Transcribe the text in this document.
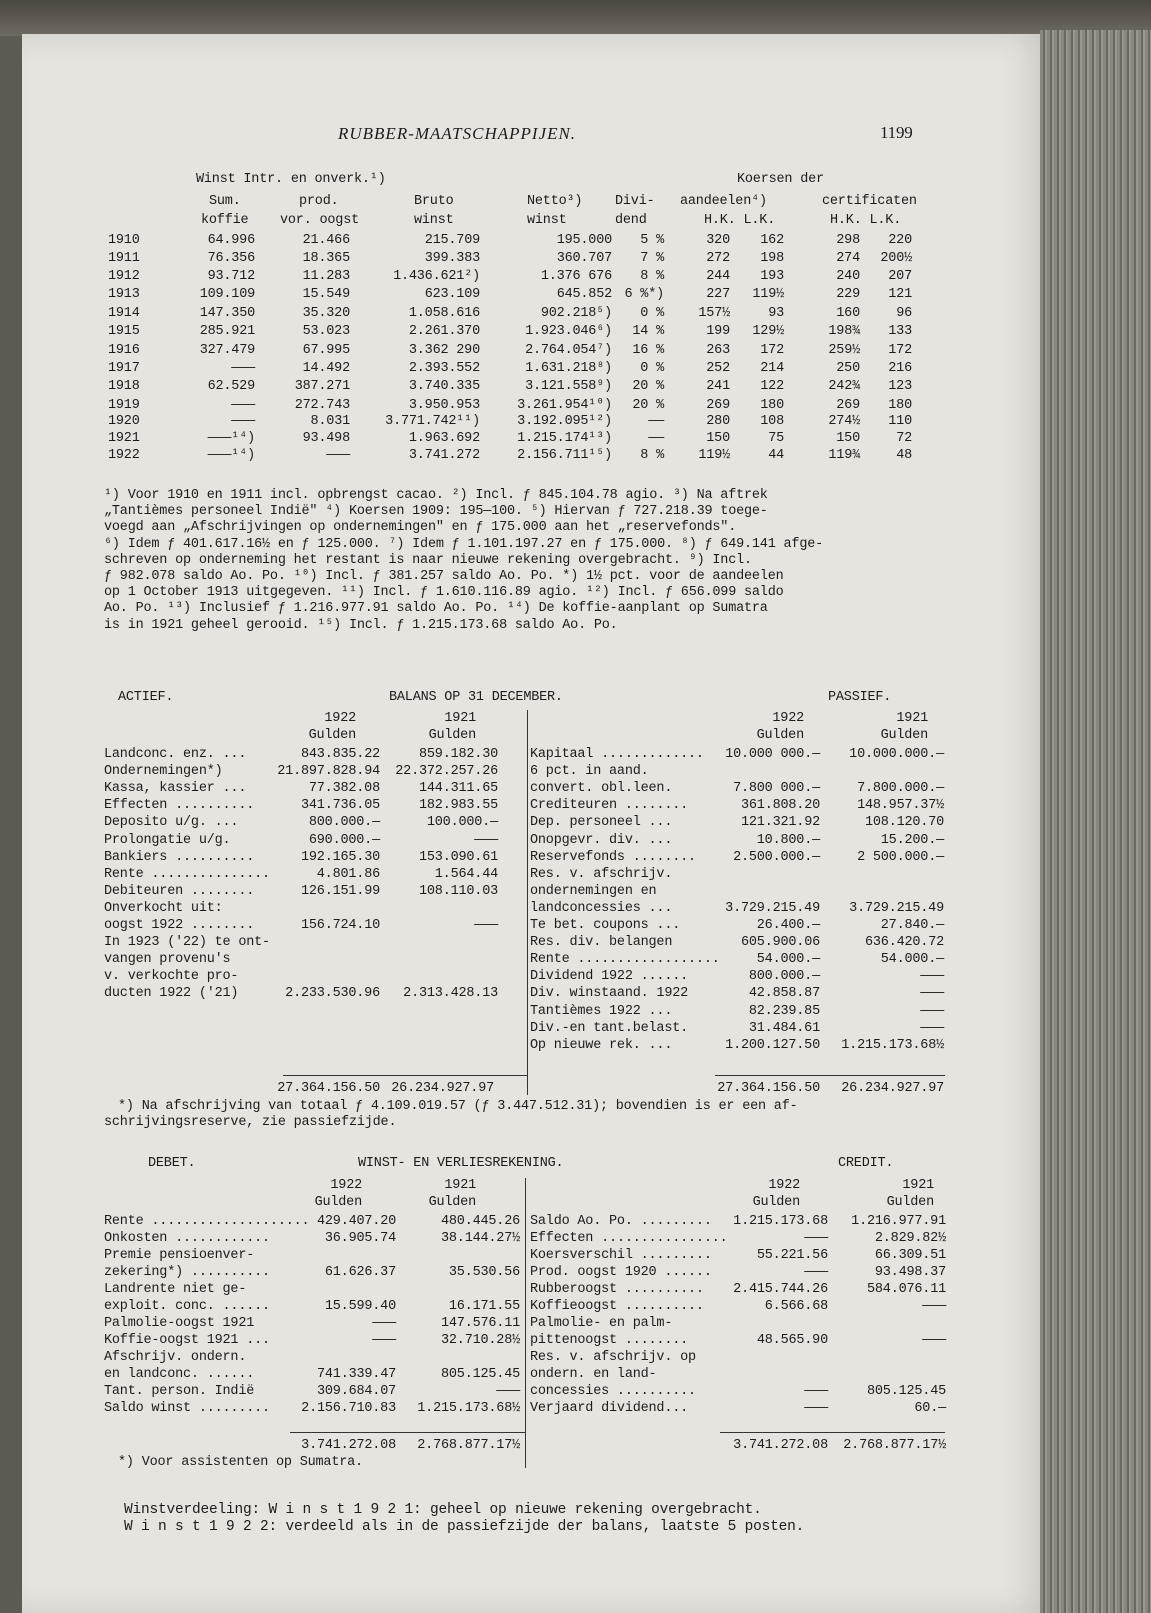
RUBBER-MAATSCHAPPIJEN.	1199
Winst Intr. en onverk.¹)	Koersen der
Sum.	prod.	Bruto	Netto³) Divi- aandeelen⁴)	certificaten
koffie vor. oogst	winst	winst	dend	H.K. L.K.	H.K. L.K.
1910	64.996	21.466	215.709	195.000	5 %	320	162	298	220
1911	76.356	18.365	399.383	360.707	7 %	272	198	274	200½
1912	93.712	11.283	1.436.621²)	1.376 676	8 %	244	193	240	207
1913	109.109	15.549	623.109	645.852 6 %*)	227	119½	229	121
1914	147.350	35.320	1.058.616	902.218⁵)	0 %	157½	93	160	96
1915	285.921	53.023	2.261.370	1.923.046⁶)	14 %	199	129½	198¾	133
1916	327.479	67.995	3.362 290	2.764.054⁷)	16 %	263	172	259½	172
1917	———	14.492	2.393.552	1.631.218⁸)	0 %	252	214	250	216
1918	62.529	387.271	3.740.335	3.121.558⁹)	20 %	241	122	242¾	123
1919	———	272.743	3.950.953	3.261.954¹⁰)	20 %	269	180	269	180
1920	———	8.031	3.771.742¹¹)	3.192.095¹²)	——	280	108	274½	110
1921	———¹⁴)	93.498	1.963.692	1.215.174¹³)	——	150	75	150	72
1922	———¹⁴)	———	3.741.272	2.156.711¹⁵)	8 %	119½	44	119¾	48
¹) Voor 1910 en 1911 incl. opbrengst cacao. ²) Incl. ƒ 845.104.78 agio. ³) Na aftrek
„Tantièmes personeel Indië" ⁴) Koersen 1909: 195—100. ⁵) Hiervan ƒ 727.218.39 toege-
voegd aan „Afschrijvingen op ondernemingen" en ƒ 175.000 aan het „reservefonds".
⁶) Idem ƒ 401.617.16½ en ƒ 125.000. ⁷) Idem ƒ 1.101.197.27 en ƒ 175.000. ⁸) ƒ 649.141 afge-
schreven op onderneming het restant is naar nieuwe rekening overgebracht. ⁹) Incl.
ƒ 982.078 saldo Ao. Po. ¹⁰) Incl. ƒ 381.257 saldo Ao. Po. *) 1½ pct. voor de aandeelen
op 1 October 1913 uitgegeven. ¹¹) Incl. ƒ 1.610.116.89 agio. ¹²) Incl. ƒ 656.099 saldo
Ao. Po. ¹³) Inclusief ƒ 1.216.977.91 saldo Ao. Po. ¹⁴) De koffie-aanplant op Sumatra
is in 1921 geheel gerooid. ¹⁵) Incl. ƒ 1.215.173.68 saldo Ao. Po.
ACTIEF.	BALANS OP 31 DECEMBER.	PASSIEF.
1922	1921
Gulden	Gulden
1922	1921
Gulden	Gulden
Landconc. enz. ...	843.835.22	859.182.30
Ondernemingen*)	21.897.828.94	22.372.257.26
Kassa, kassier ...	77.382.08	144.311.65
Effecten ..........	341.736.05	182.983.55
Deposito u/g. ...	800.000.—	100.000.—
Prolongatie u/g.	690.000.—	———
Bankiers ..........	192.165.30	153.090.61
Rente ...............	4.801.86	1.564.44
Debiteuren ........	126.151.99	108.110.03
Onverkocht uit:
oogst 1922 ........	156.724.10	———
In 1923 ('22) te ont-
vangen provenu's
v. verkochte pro-
ducten 1922 ('21)	2.233.530.96	2.313.428.13
Kapitaal .............	10.000 000.—	10.000.000.—
6 pct. in aand.
convert. obl.leen.	7.800 000.—	7.800.000.—
Crediteuren ........	361.808.20	148.957.37½
Dep. personeel ...	121.321.92	108.120.70
Onopgevr. div. ...	10.800.—	15.200.—
Reservefonds ........	2.500.000.—	2 500.000.—
Res. v. afschrijv.
ondernemingen en
landconcessies ...	3.729.215.49	3.729.215.49
Te bet. coupons ...	26.400.—	27.840.—
Res. div. belangen	605.900.06	636.420.72
Rente ..................	54.000.—	54.000.—
Dividend 1922 ......	800.000.—	———
Div. winstaand. 1922	42.858.87	———
Tantièmes 1922 ...	82.239.85	———
Div.-en tant.belast.	31.484.61	———
Op nieuwe rek. ...	1.200.127.50	1.215.173.68½
27.364.156.50 26.234.927.97	27.364.156.50	26.234.927.97
*) Na afschrijving van totaal ƒ 4.109.019.57 (ƒ 3.447.512.31); bovendien is er een af-
schrijvingsreserve, zie passiefzijde.
DEBET.	WINST- EN VERLIESREKENING.	CREDIT.
1922	1921
Gulden	Gulden
1922	1921
Gulden	Gulden
Rente .................... 429.407.20	480.445.26
Onkosten ............	36.905.74	38.144.27½
Premie pensioenver-
zekering*) ..........	61.626.37	35.530.56
Landrente niet ge-
exploit. conc. ......	15.599.40	16.171.55
Palmolie-oogst 1921	———	147.576.11
Koffie-oogst 1921 ...	———	32.710.28½
Afschrijv. ondern.
en landconc. ......	741.339.47	805.125.45
Tant. person. Indië	309.684.07	———
Saldo winst .........	2.156.710.83	1.215.173.68½
Saldo Ao. Po. .........	1.215.173.68	1.216.977.91
Effecten ................	———	2.829.82½
Koersverschil .........	55.221.56	66.309.51
Prod. oogst 1920 ......	———	93.498.37
Rubberoogst ..........	2.415.744.26	584.076.11
Koffieoogst ..........	6.566.68	———
Palmolie- en palm-
pittenoogst ........	48.565.90	———
Res. v. afschrijv. op
ondern. en land-
concessies ..........	———	805.125.45
Verjaard dividend...	———	60.—
3.741.272.08	2.768.877.17½	3.741.272.08	2.768.877.17½
*) Voor assistenten op Sumatra.
Winstverdeeling: W i n s t 1 9 2 1: geheel op nieuwe rekening overgebracht.
W i n s t 1 9 2 2: verdeeld als in de passiefzijde der balans, laatste 5 posten.
